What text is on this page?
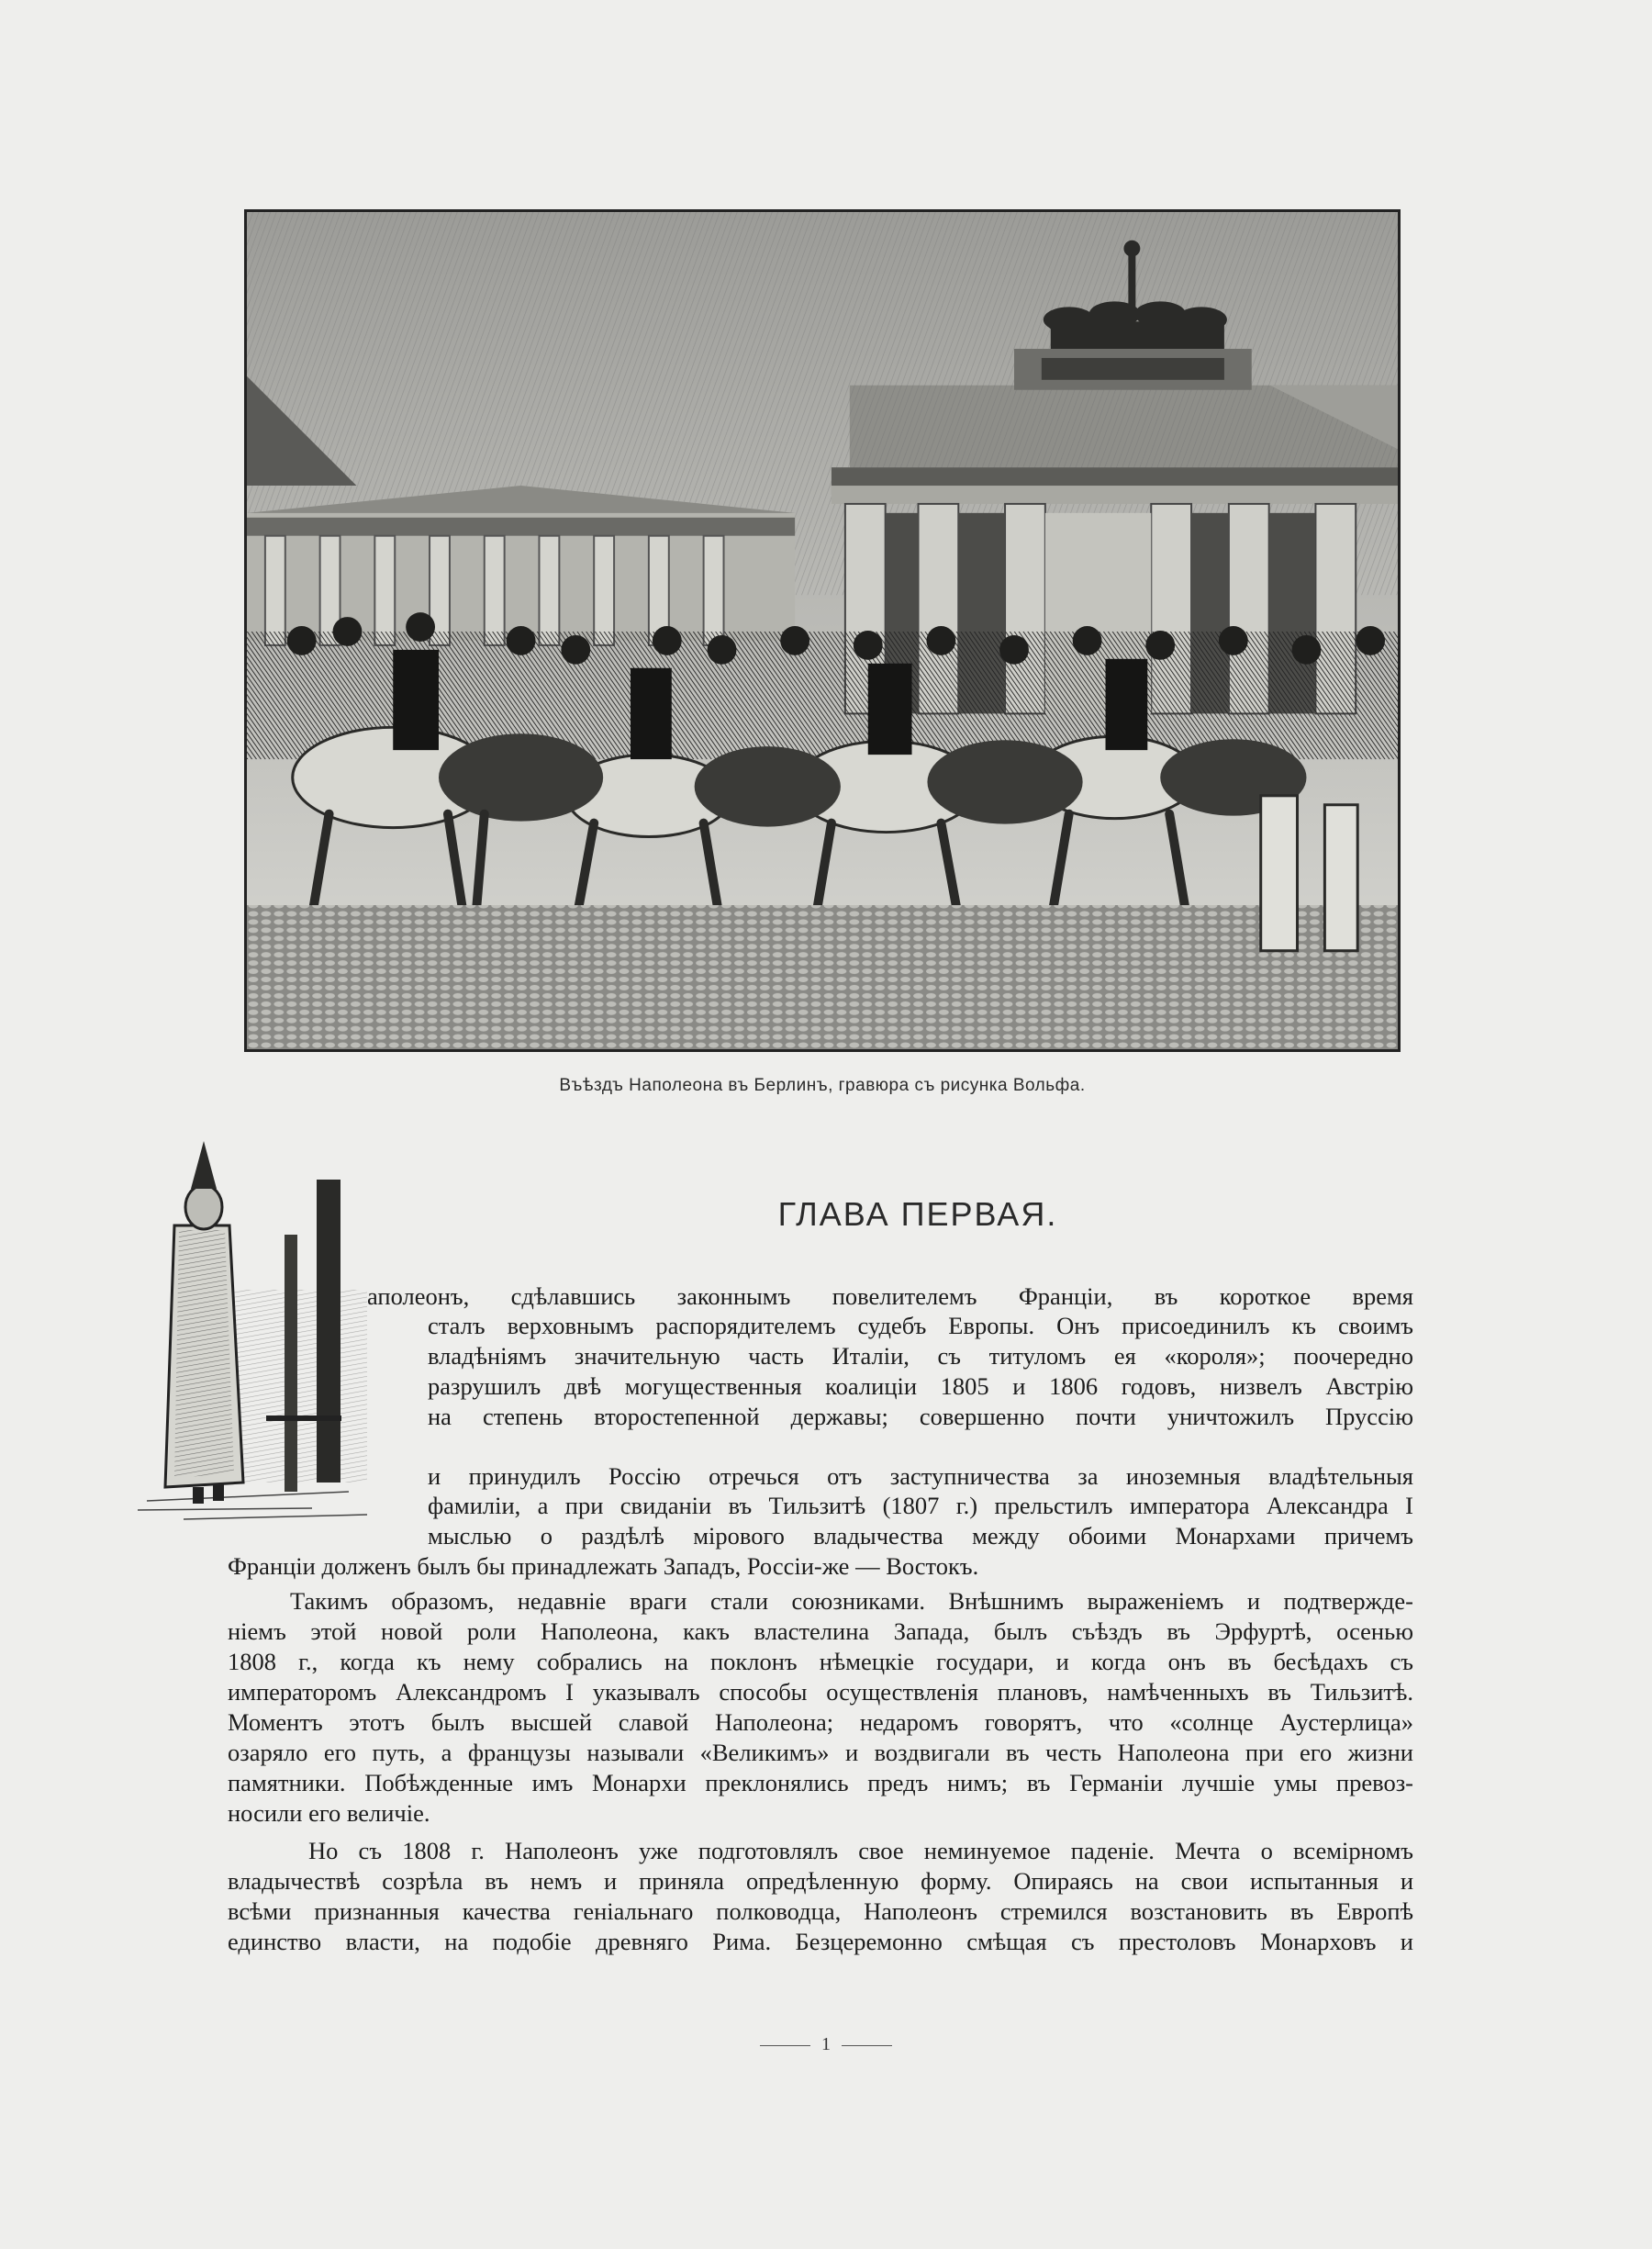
Въѣздъ Наполеона въ Берлинъ, гравюра съ рисунка Вольфа.
ГЛАВА ПЕРВАЯ.
аполеонъ, сдѣлавшись законнымъ повелителемъ Франціи, въ короткое время
сталъ верховнымъ распорядителемъ судебъ Европы. Онъ присоединилъ къ своимъ
владѣніямъ значительную часть Италіи, съ титуломъ ея «короля»; поочередно
разрушилъ двѣ могущественныя коалиціи 1805 и 1806 годовъ, низвелъ Австрію
на степень второстепенной державы; совершенно почти уничтожилъ Пруссію
и принудилъ Россію отречься отъ заступничества за иноземныя владѣтельныя
фамиліи, а при свиданіи въ Тильзитѣ (1807 г.) прельстилъ императора Александра I
мыслью о раздѣлѣ мірового владычества между обоими Монархами причемъ
Франціи долженъ былъ бы принадлежать Западъ, Россіи-же — Востокъ.
Такимъ образомъ, недавніе враги стали союзниками. Внѣшнимъ выраженіемъ и подтвержде-
ніемъ этой новой роли Наполеона, какъ властелина Запада, былъ съѣздъ въ Эрфуртѣ, осенью
1808 г., когда къ нему собрались на поклонъ нѣмецкіе государи, и когда онъ въ бесѣдахъ съ
императоромъ Александромъ I указывалъ способы осуществленія плановъ, намѣченныхъ въ Тильзитѣ.
Моментъ этотъ былъ высшей славой Наполеона; недаромъ говорятъ, что «солнце Аустерлица»
озаряло его путь, а французы называли «Великимъ» и воздвигали въ честь Наполеона при его жизни
памятники. Побѣжденные имъ Монархи преклонялись предъ нимъ; въ Германіи лучшіе умы превоз-
носили его величіе.
Но съ 1808 г. Наполеонъ уже подготовлялъ свое неминуемое паденіе. Мечта о всемірномъ
владычествѣ созрѣла въ немъ и приняла опредѣленную форму. Опираясь на свои испытанныя и
всѣми признанныя качества геніальнаго полководца, Наполеонъ стремился возстановить въ Европѣ
единство власти, на подобіе древняго Рима. Безцеремонно смѣщая съ престоловъ Монарховъ и
1
